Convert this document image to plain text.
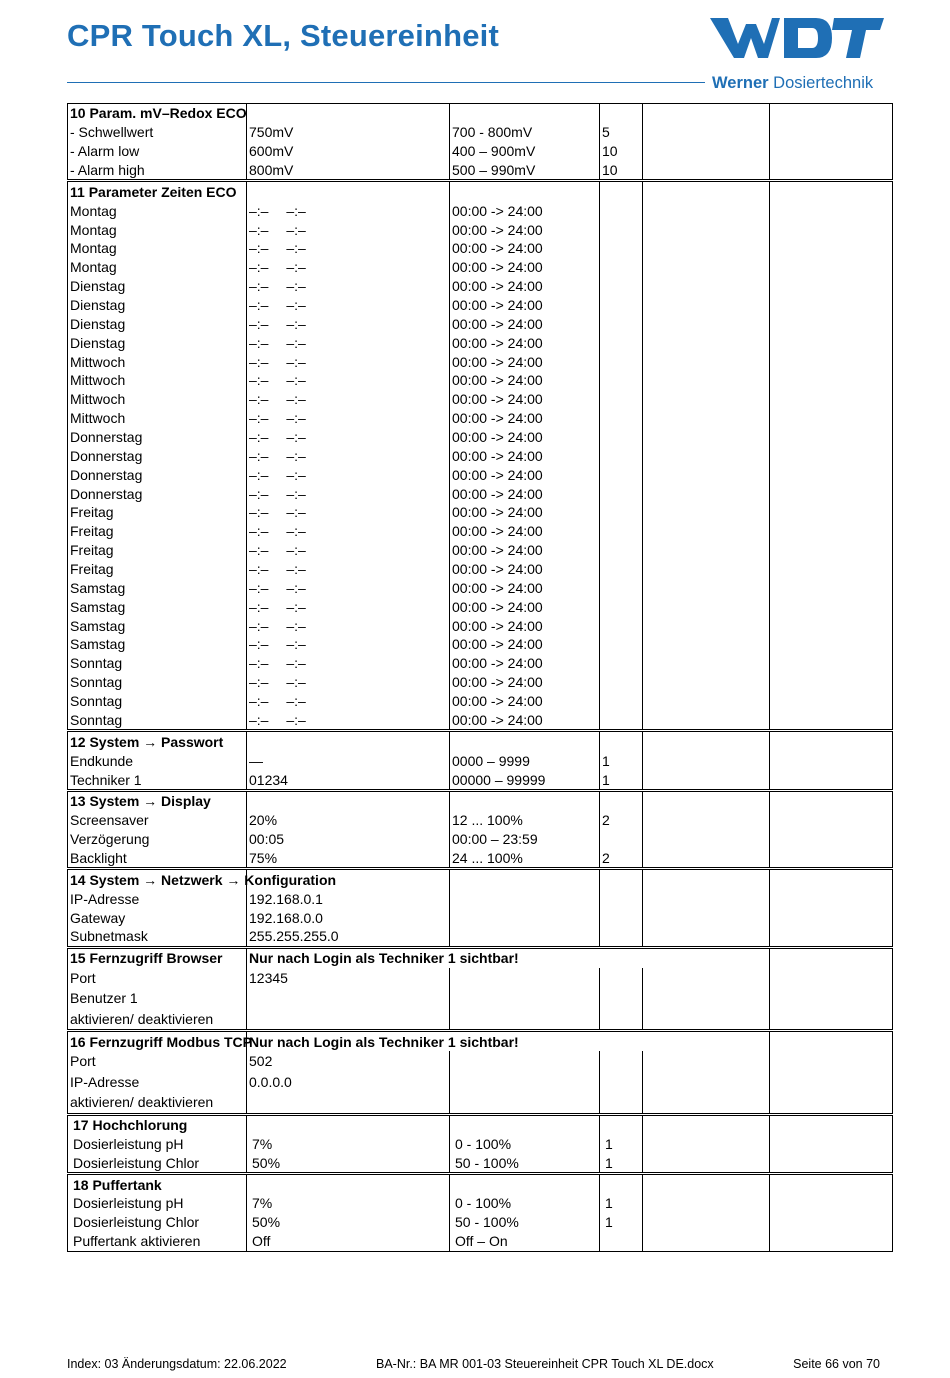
CPR Touch XL, Steuereinheit
Werner Dosiertechnik
10 Param. mV–Redox ECO					
- Schwellwert	750mV	700 - 800mV	5		
- Alarm low	600mV	400 – 900mV	10		
- Alarm high	800mV	500 – 990mV	10		
11 Parameter Zeiten ECO					
Montag	–:– –:–	00:00 -> 24:00			
Montag	–:– –:–	00:00 -> 24:00			
Montag	–:– –:–	00:00 -> 24:00			
Montag	–:– –:–	00:00 -> 24:00			
Dienstag	–:– –:–	00:00 -> 24:00			
Dienstag	–:– –:–	00:00 -> 24:00			
Dienstag	–:– –:–	00:00 -> 24:00			
Dienstag	–:– –:–	00:00 -> 24:00			
Mittwoch	–:– –:–	00:00 -> 24:00			
Mittwoch	–:– –:–	00:00 -> 24:00			
Mittwoch	–:– –:–	00:00 -> 24:00			
Mittwoch	–:– –:–	00:00 -> 24:00			
Donnerstag	–:– –:–	00:00 -> 24:00			
Donnerstag	–:– –:–	00:00 -> 24:00			
Donnerstag	–:– –:–	00:00 -> 24:00			
Donnerstag	–:– –:–	00:00 -> 24:00			
Freitag	–:– –:–	00:00 -> 24:00			
Freitag	–:– –:–	00:00 -> 24:00			
Freitag	–:– –:–	00:00 -> 24:00			
Freitag	–:– –:–	00:00 -> 24:00			
Samstag	–:– –:–	00:00 -> 24:00			
Samstag	–:– –:–	00:00 -> 24:00			
Samstag	–:– –:–	00:00 -> 24:00			
Samstag	–:– –:–	00:00 -> 24:00			
Sonntag	–:– –:–	00:00 -> 24:00			
Sonntag	–:– –:–	00:00 -> 24:00			
Sonntag	–:– –:–	00:00 -> 24:00			
Sonntag	–:– –:–	00:00 -> 24:00			
12 System → Passwort					
Endkunde	—	0000 – 9999	1		
Techniker 1	01234	00000 – 99999	1		
13 System → Display					
Screensaver	20%	12 ... 100%	2		
Verzögerung	00:05	00:00 – 23:59			
Backlight	75%	24 ... 100%	2		
14 System → Netzwerk → Konfiguration					
IP-Adresse	192.168.0.1				
Gateway	192.168.0.0				
Subnetmask	255.255.255.0				
15 Fernzugriff Browser	Nur nach Login als Techniker 1 sichtbar!				
Port	12345				
Benutzer 1					
aktivieren/ deaktivieren					
16 Fernzugriff Modbus TCP	Nur nach Login als Techniker 1 sichtbar!				
Port	502				
IP-Adresse	0.0.0.0				
aktivieren/ deaktivieren					
17 Hochchlorung					
Dosierleistung pH	7%	0 - 100%	1		
Dosierleistung Chlor	50%	50 - 100%	1		
18 Puffertank					
Dosierleistung pH	7%	0 - 100%	1		
Dosierleistung Chlor	50%	50 - 100%	1		
Puffertank aktivieren	Off	Off – On			
Index: 03 Änderungsdatum: 22.06.2022	BA-Nr.: BA MR 001-03 Steuereinheit CPR Touch XL DE.docx	Seite 66 von 70
